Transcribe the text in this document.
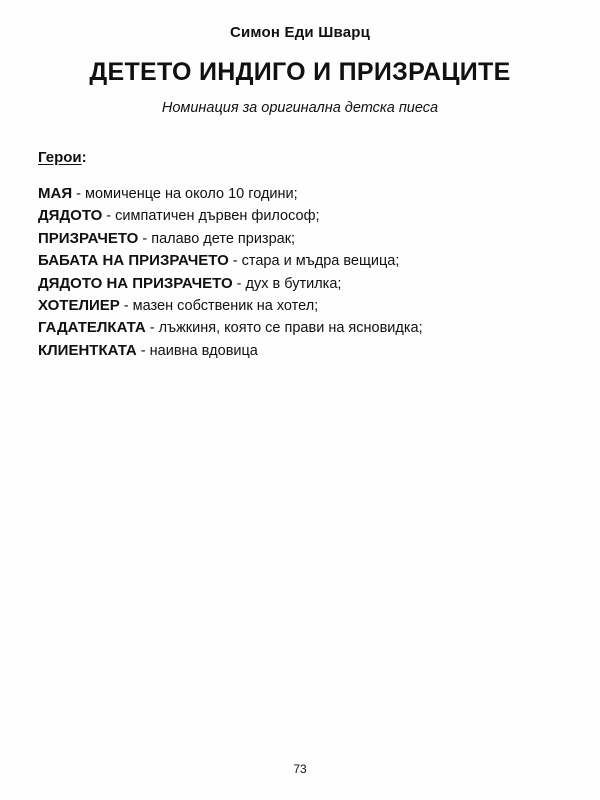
Симон Еди Шварц
ДЕТЕТО ИНДИГО И ПРИЗРАЦИТЕ
Номинация за оригинална детска пиеса
Герои:
МАЯ - момиченце на около 10 години;
ДЯДОТО - симпатичен дървен философ;
ПРИЗРАЧЕТО - палаво дете призрак;
БАБАТА НА ПРИЗРАЧЕТО - стара и мъдра вещица;
ДЯДОТО НА ПРИЗРАЧЕТО - дух в бутилка;
ХОТЕЛИЕР - мазен собственик на хотел;
ГАДАТЕЛКАТА - лъжкиня, която се прави на ясновидка;
КЛИЕНТКАТА - наивна вдовица
73
